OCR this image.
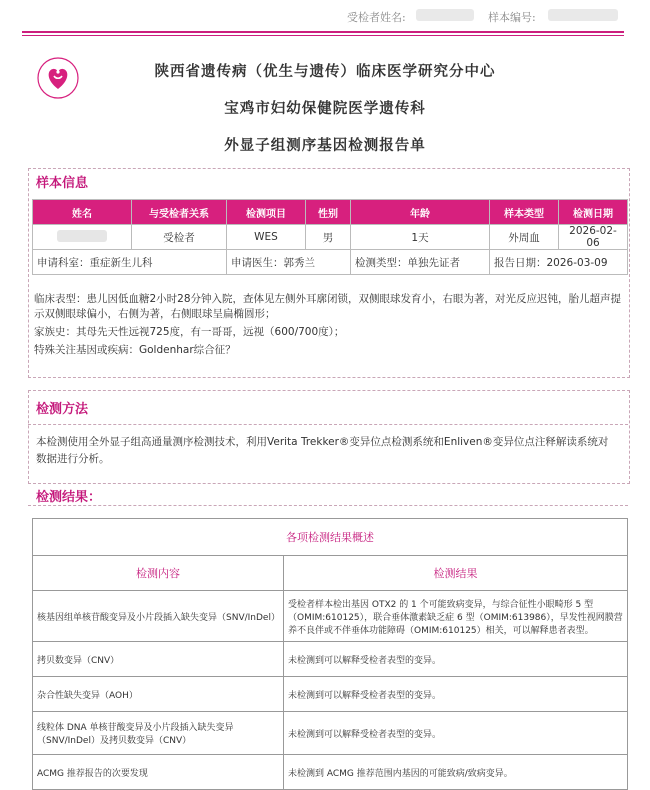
受检者姓名:	样本编号:
陕西省遗传病（优生与遗传）临床医学研究分中心
宝鸡市妇幼保健院医学遗传科
外显子组测序基因检测报告单
样本信息
姓名	与受检者关系	检测项目	性别	年龄	样本类型	检测日期
	受检者	WES	男	1天	外周血	2026-02-06
申请科室：重症新生儿科		申请医生：郭秀兰		检测类型：单独先证者	报告日期：2026-03-09	
临床表型：患儿因低血糖2小时28分钟入院，查体见左侧外耳廓闭锁，双侧眼球发育小，右眼为著，对光反应迟钝，胎儿超声提示双侧眼球偏小，右侧为著，右侧眼球呈扁椭圆形；
家族史：其母先天性远视725度，有一哥哥，远视（600/700度）；
特殊关注基因或疾病：Goldenhar综合征？
检测方法
本检测使用全外显子组高通量测序检测技术，利用Verita Trekker®变异位点检测系统和Enliven®变异位点注释解读系统对数据进行分析。
检测结果：
各项检测结果概述	
检测内容	检测结果
核基因组单核苷酸变异及小片段插入缺失变异（SNV/InDel）	受检者样本检出基因 OTX2 的 1 个可能致病变异，与综合征性小眼畸形 5 型（OMIM:610125），联合垂体激素缺乏症 6 型（OMIM:613986），早发性视网膜营养不良伴或不伴垂体功能障碍（OMIM:610125）相关，可以解释患者表型。
拷贝数变异（CNV）	未检测到可以解释受检者表型的变异。
杂合性缺失变异（AOH）	未检测到可以解释受检者表型的变异。
线粒体 DNA 单核苷酸变异及小片段插入缺失变异（SNV/InDel）及拷贝数变异（CNV）	未检测到可以解释受检者表型的变异。
ACMG 推荐报告的次要发现	未检测到 ACMG 推荐范围内基因的可能致病/致病变异。
